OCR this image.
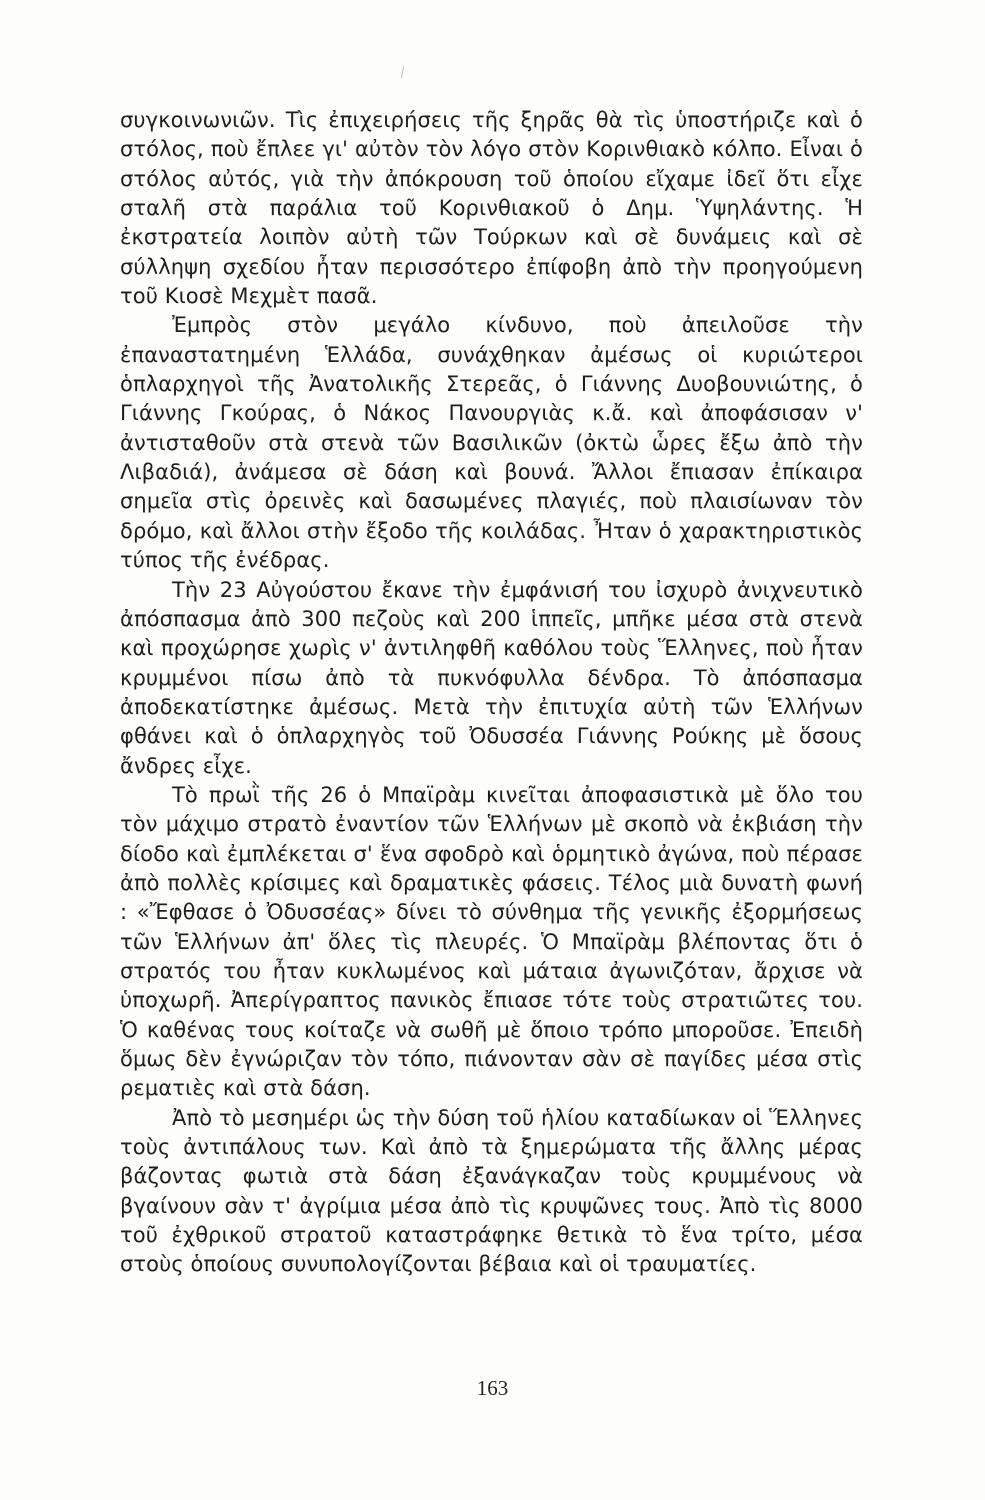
συγκοινωνιῶν. Τὶς ἐπιχειρήσεις τῆς ξηρᾶς θὰ τὶς ὑποστήριζε καὶ ὁ στόλος, ποὺ ἔπλεε γι' αὐτὸν τὸν λόγο στὸν Κορινθιακὸ κόλπο. Εἶναι ὁ στόλος αὐτός, γιὰ τὴν ἀπόκρουση τοῦ ὁποίου εἴχαμε ἰδεῖ ὅτι εἶχε σταλῆ στὰ παράλια τοῦ Κορινθιακοῦ ὁ Δημ. Ὑψηλάντης. Ἡ ἐκστρατεία λοιπὸν αὐτὴ τῶν Τούρκων καὶ σὲ δυνάμεις καὶ σὲ σύλληψη σχεδίου ἦταν περισσότερο ἐπίφοβη ἀπὸ τὴν προηγούμενη τοῦ Κιοσὲ Μεχμὲτ πασᾶ.

Ἐμπρὸς στὸν μεγάλο κίνδυνο, ποὺ ἀπειλοῦσε τὴν ἐπαναστατημένη Ἑλλάδα, συνάχθηκαν ἀμέσως οἱ κυριώτεροι ὁπλαρχηγοὶ τῆς Ἀνατολικῆς Στερεᾶς, ὁ Γιάννης Δυοβουνιώτης, ὁ Γιάννης Γκούρας, ὁ Νάκος Πανουργιὰς κ.ἄ. καὶ ἀποφάσισαν ν' ἀντισταθοῦν στὰ στενὰ τῶν Βασιλικῶν (ὀκτὼ ὧρες ἔξω ἀπὸ τὴν Λιβαδιά), ἀνάμεσα σὲ δάση καὶ βουνά. Ἄλλοι ἔπιασαν ἐπίκαιρα σημεῖα στὶς ὀρεινὲς καὶ δασωμένες πλαγιές, ποὺ πλαισίωναν τὸν δρόμο, καὶ ἄλλοι στὴν ἔξοδο τῆς κοιλάδας. Ἦταν ὁ χαρακτηριστικὸς τύπος τῆς ἐνέδρας.

Τὴν 23 Αὐγούστου ἔκανε τὴν ἐμφάνισή του ἰσχυρὸ ἀνιχνευτικὸ ἀπόσπασμα ἀπὸ 300 πεζοὺς καὶ 200 ἱππεῖς, μπῆκε μέσα στὰ στενὰ καὶ προχώρησε χωρὶς ν' ἀντιληφθῆ καθόλου τοὺς Ἕλληνες, ποὺ ἦταν κρυμμένοι πίσω ἀπὸ τὰ πυκνόφυλλα δένδρα. Τὸ ἀπόσπασμα ἀποδεκατίστηκε ἀμέσως. Μετὰ τὴν ἐπιτυχία αὐτὴ τῶν Ἑλλήνων φθάνει καὶ ὁ ὁπλαρχηγὸς τοῦ Ὀδυσσέα Γιάννης Ρούκης μὲ ὅσους ἄνδρες εἶχε.

Τὸ πρωῒ τῆς 26 ὁ Μπαϊρὰμ κινεῖται ἀποφασιστικὰ μὲ ὅλο του τὸν μάχιμο στρατὸ ἐναντίον τῶν Ἑλλήνων μὲ σκοπὸ νὰ ἐκβιάση τὴν δίοδο καὶ ἐμπλέκεται σ' ἕνα σφοδρὸ καὶ ὁρμητικὸ ἀγώνα, ποὺ πέρασε ἀπὸ πολλὲς κρίσιμες καὶ δραματικὲς φάσεις. Τέλος μιὰ δυνατὴ φωνή : «Ἔφθασε ὁ Ὀδυσσέας» δίνει τὸ σύνθημα τῆς γενικῆς ἐξορμήσεως τῶν Ἑλλήνων ἀπ' ὅλες τὶς πλευρές. Ὁ Μπαϊρὰμ βλέποντας ὅτι ὁ στρατός του ἦταν κυκλωμένος καὶ μάταια ἀγωνιζόταν, ἄρχισε νὰ ὑποχωρῆ. Ἀπερίγραπτος πανικὸς ἔπιασε τότε τοὺς στρατιῶτες του. Ὁ καθένας τους κοίταζε νὰ σωθῆ μὲ ὅποιο τρόπο μποροῦσε. Ἐπειδὴ ὅμως δὲν ἐγνώριζαν τὸν τόπο, πιάνονταν σὰν σὲ παγίδες μέσα στὶς ρεματιὲς καὶ στὰ δάση.

Ἀπὸ τὸ μεσημέρι ὡς τὴν δύση τοῦ ἡλίου καταδίωκαν οἱ Ἕλληνες τοὺς ἀντιπάλους των. Καὶ ἀπὸ τὰ ξημερώματα τῆς ἄλλης μέρας βάζοντας φωτιὰ στὰ δάση ἐξανάγκαζαν τοὺς κρυμμένους νὰ βγαίνουν σὰν τ' ἀγρίμια μέσα ἀπὸ τὶς κρυψῶνες τους. Ἀπὸ τὶς 8000 τοῦ ἐχθρικοῦ στρατοῦ καταστράφηκε θετικὰ τὸ ἕνα τρίτο, μέσα στοὺς ὁποίους συνυπολογίζονται βέβαια καὶ οἱ τραυματίες.

163
